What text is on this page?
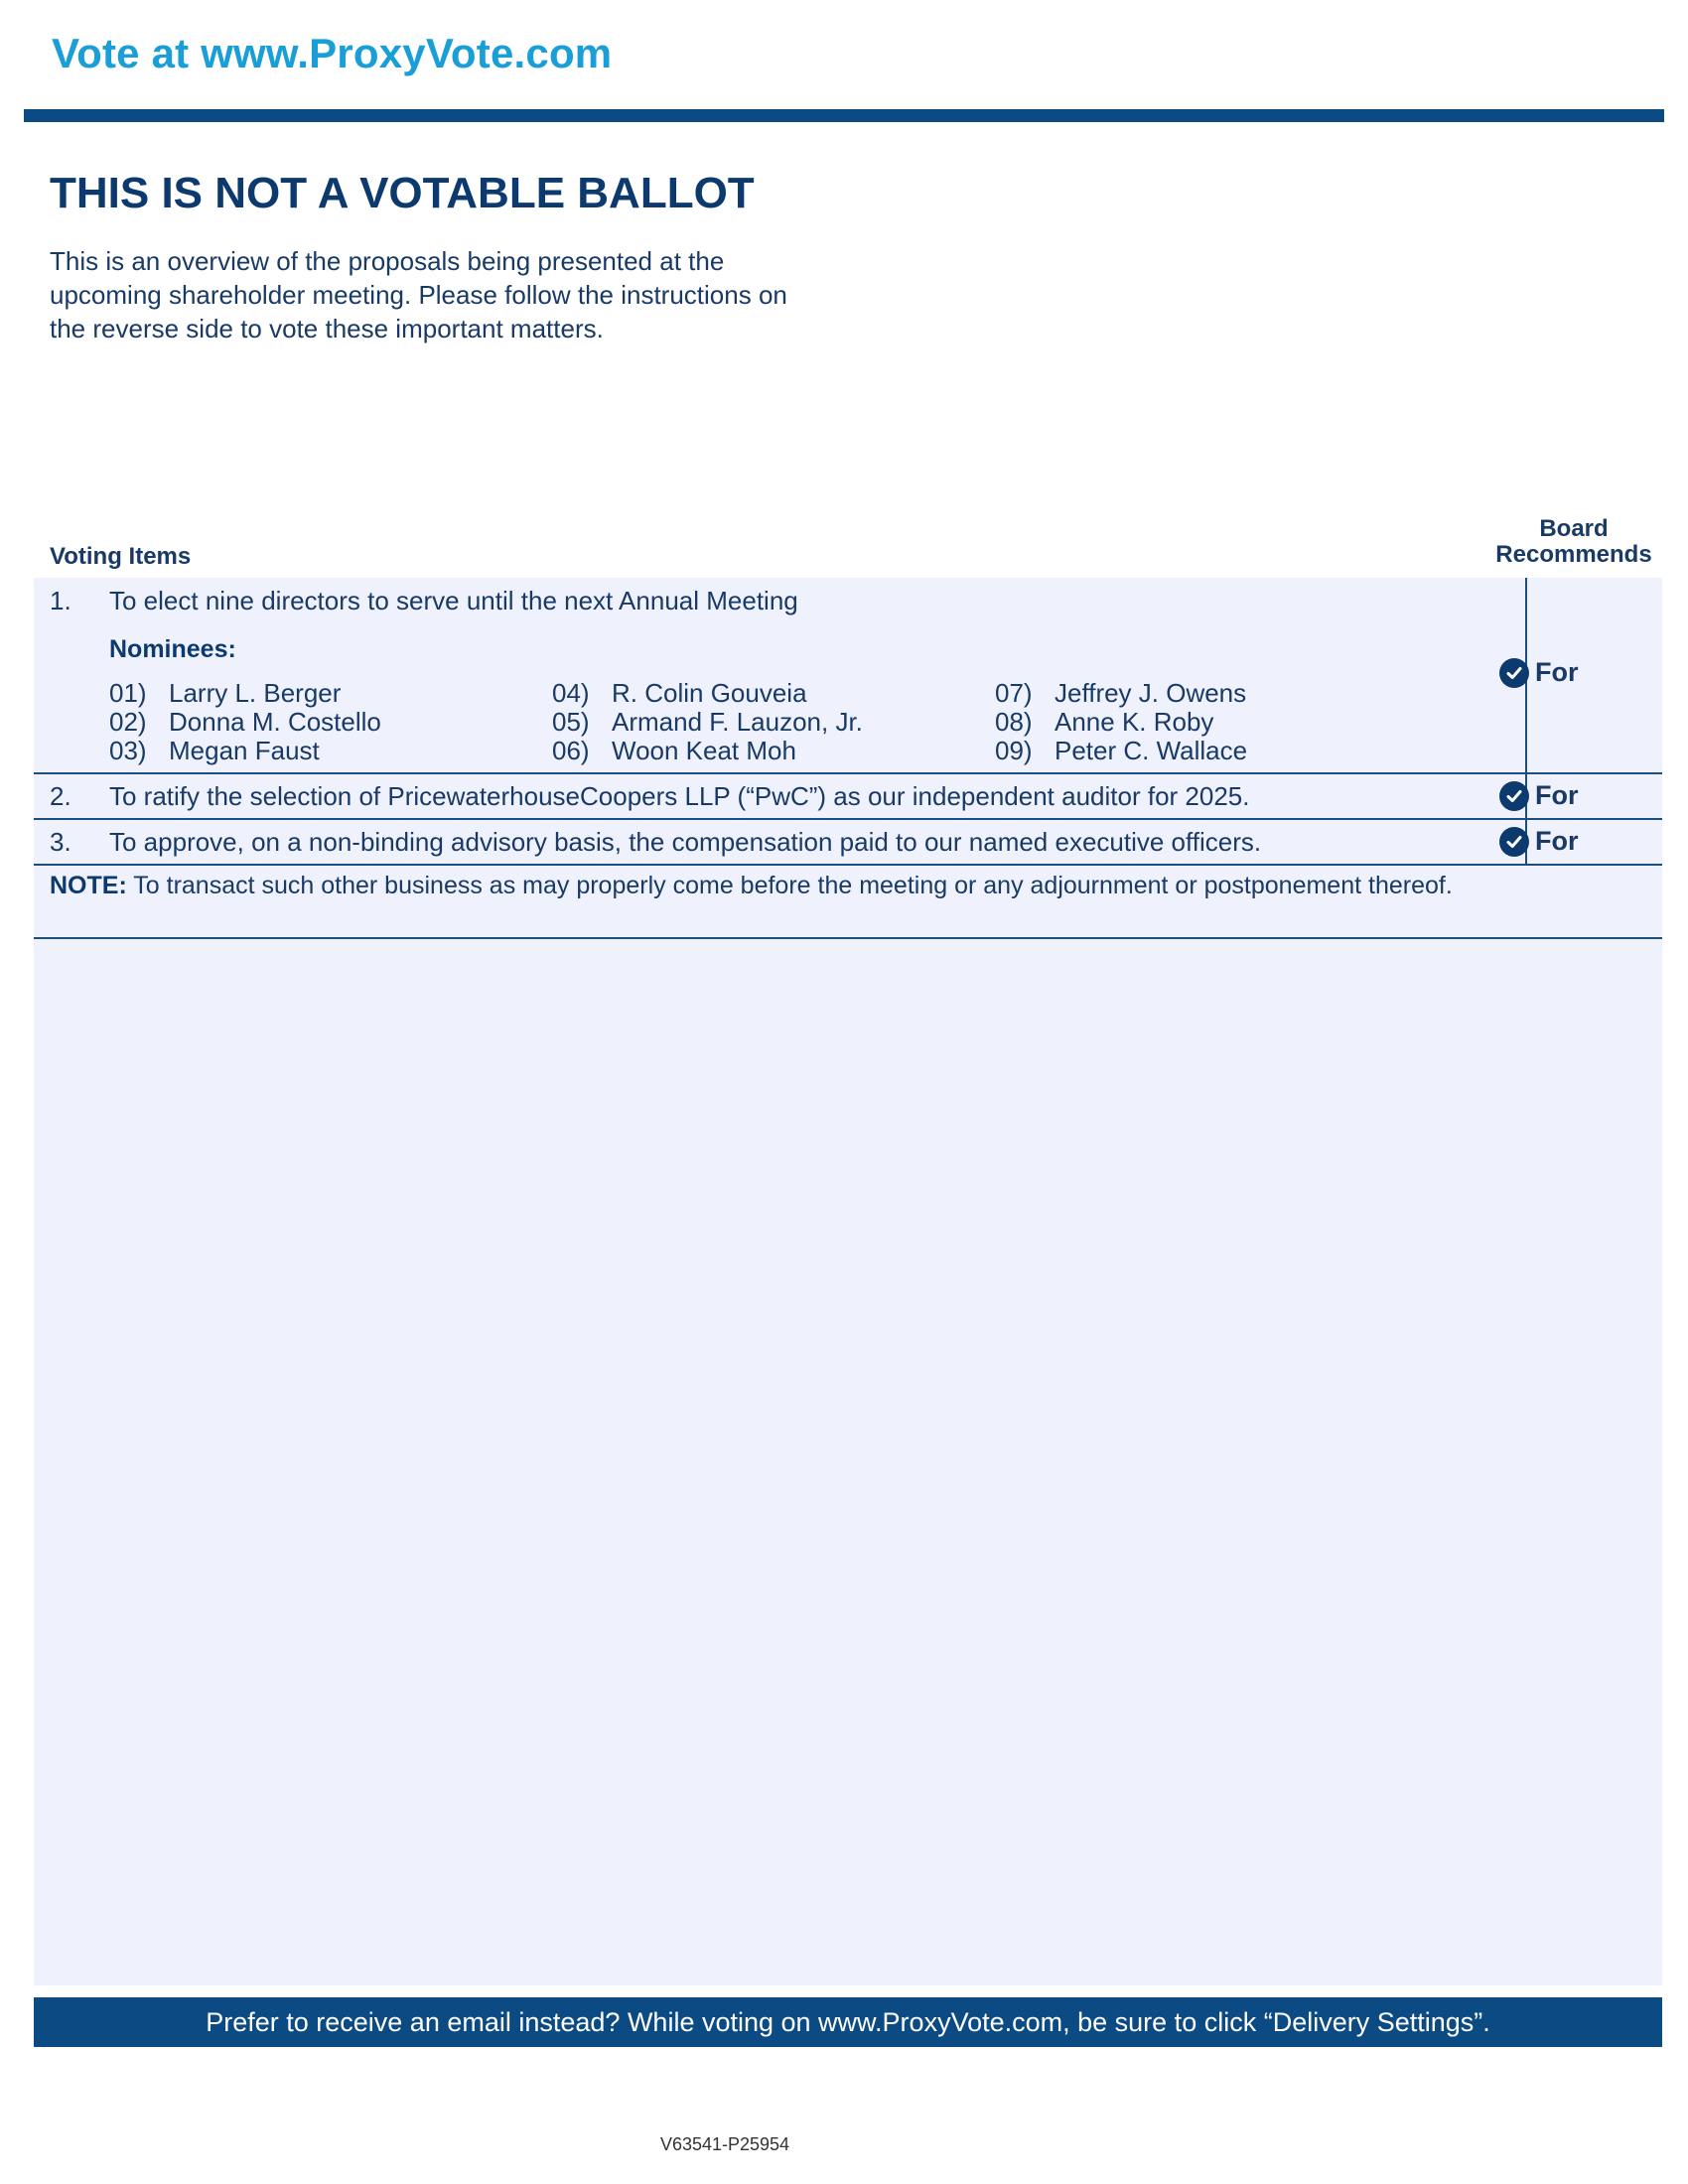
Vote at www.ProxyVote.com
THIS IS NOT A VOTABLE BALLOT
This is an overview of the proposals being presented at the
upcoming shareholder meeting. Please follow the instructions on
the reverse side to vote these important matters.
Voting Items
Board
Recommends
1. To elect nine directors to serve until the next Annual Meeting
Nominees:
01) Larry L. Berger
02) Donna M. Costello
03) Megan Faust
04) R. Colin Gouveia
05) Armand F. Lauzon, Jr.
06) Woon Keat Moh
07) Jeffrey J. Owens
08) Anne K. Roby
09) Peter C. Wallace
For
2. To ratify the selection of PricewaterhouseCoopers LLP (“PwC”) as our independent auditor for 2025.	For
3. To approve, on a non-binding advisory basis, the compensation paid to our named executive officers.	For
NOTE: To transact such other business as may properly come before the meeting or any adjournment or postponement thereof.
Prefer to receive an email instead? While voting on www.ProxyVote.com, be sure to click “Delivery Settings”.
V63541-P25954
